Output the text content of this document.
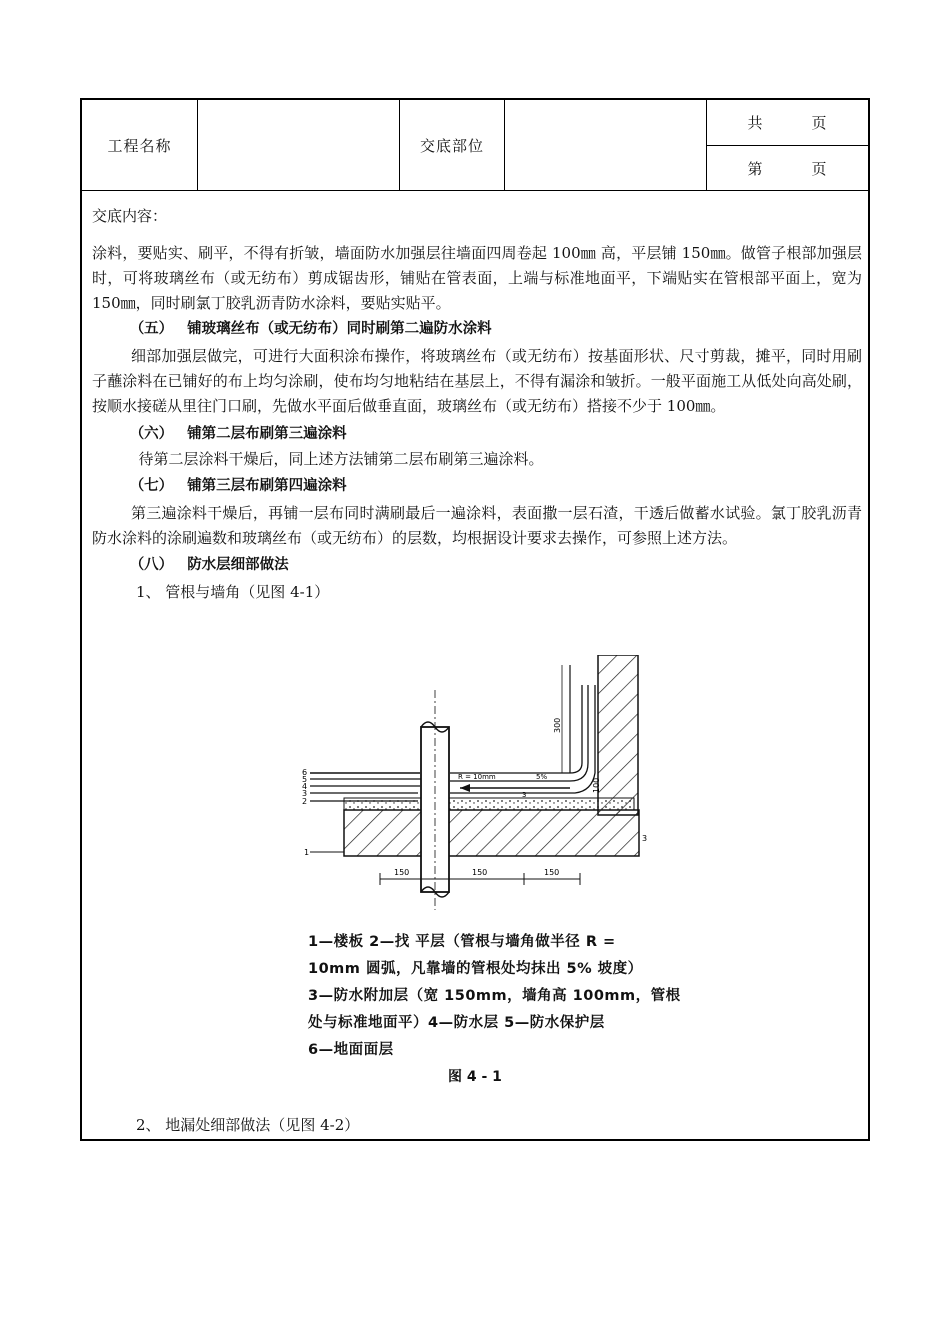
工程名称	交底部位
共　　　页
第　　　页
交底内容：

涂料，要贴实、刷平，不得有折皱，墙面防水加强层往墙面四周卷起 100㎜ 高，平层铺 150㎜。做管子根部加强层时，可将玻璃丝布（或无纺布）剪成锯齿形，铺贴在管表面，上端与标准地面平，下端贴实在管根部平面上，宽为 150㎜，同时刷氯丁胶乳沥青防水涂料，要贴实贴平。

（五） 铺玻璃丝布（或无纺布）同时刷第二遍防水涂料

细部加强层做完，可进行大面积涂布操作，将玻璃丝布（或无纺布）按基面形状、尺寸剪裁，摊平，同时用刷子蘸涂料在已铺好的布上均匀涂刷，使布均匀地粘结在基层上，不得有漏涂和皱折。一般平面施工从低处向高处刷，按顺水接磋从里往门口刷，先做水平面后做垂直面，玻璃丝布（或无纺布）搭接不少于 100㎜。

（六） 铺第二层布刷第三遍涂料

待第二层涂料干燥后，同上述方法铺第二层布刷第三遍涂料。

（七） 铺第三层布刷第四遍涂料

第三遍涂料干燥后，再铺一层布同时满刷最后一遍涂料，表面撒一层石渣，干透后做蓄水试验。氯丁胶乳沥青防水涂料的涂刷遍数和玻璃丝布（或无纺布）的层数，均根据设计要求去操作，可参照上述方法。

（八） 防水层细部做法

1、 管根与墙角（见图 4-1）

6
5
4
3
2
1
3
R = 10mm	5%
3
300
100
150	150	150
1—楼板 2—找 平层（管根与墙角做半径 R =
10mm 圆弧，凡靠墙的管根处均抹出 5% 坡度）
3—防水附加层（宽 150mm，墙角高 100mm，管根
处与标准地面平）4—防水层 5—防水保护层
6—地面面层
图 4 - 1
2、 地漏处细部做法（见图 4-2）
